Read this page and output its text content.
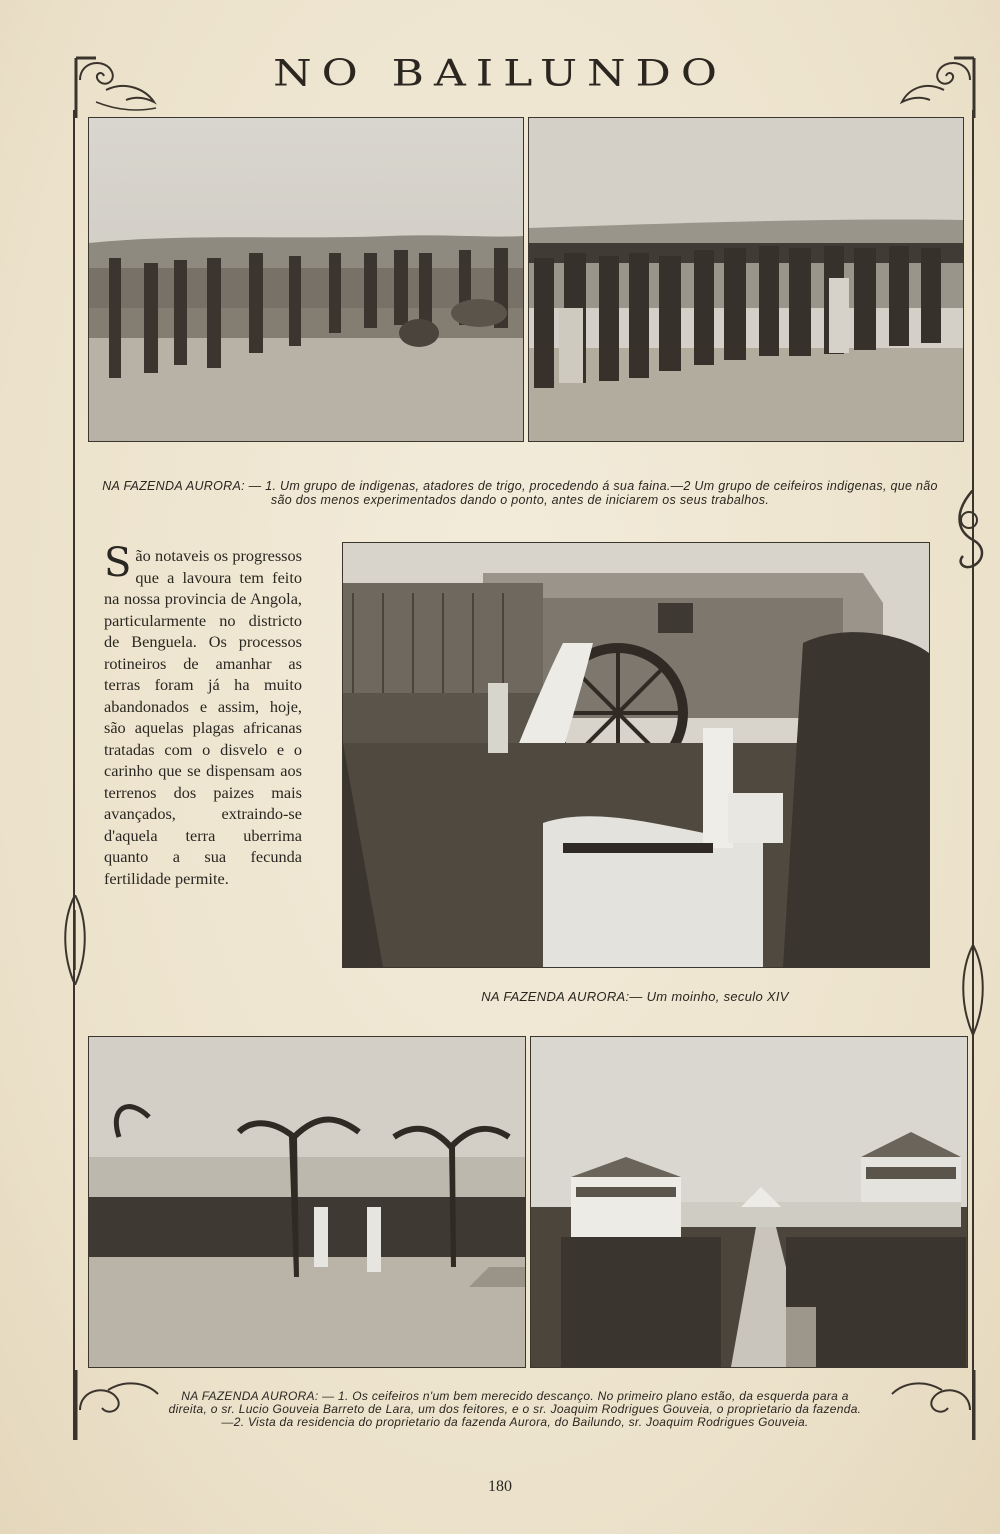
NO BAILUNDO
NA FAZENDA AURORA: — 1. Um grupo de indigenas, atadores de trigo, procedendo á sua faina.—2 Um grupo de ceifeiros indigenas, que não são dos menos experimentados dando o ponto, antes de iniciarem os seus trabalhos.
São notaveis os progressos que a lavoura tem feito na nossa provincia de Angola, particularmente no districto de Benguela. Os processos rotineiros de amanhar as terras foram já ha muito abandonados e assim, hoje, são aquelas plagas africanas tratadas com o disvelo e o carinho que se dispensam aos terrenos dos paizes mais avançados, extraindo-se d'aquela terra uberrima quanto a sua fecunda fertilidade permite.
NA FAZENDA AURORA:— Um moinho, seculo XIV
NA FAZENDA AURORA: — 1. Os ceifeiros n'um bem merecido descanço. No primeiro plano estão, da esquerda para a direita, o sr. Lucio Gouveia Barreto de Lara, um dos feitores, e o sr. Joaquim Rodrigues Gouveia, o proprietario da fazenda.—2. Vista da residencia do proprietario da fazenda Aurora, do Bailundo, sr. Joaquim Rodrigues Gouveia.
180
